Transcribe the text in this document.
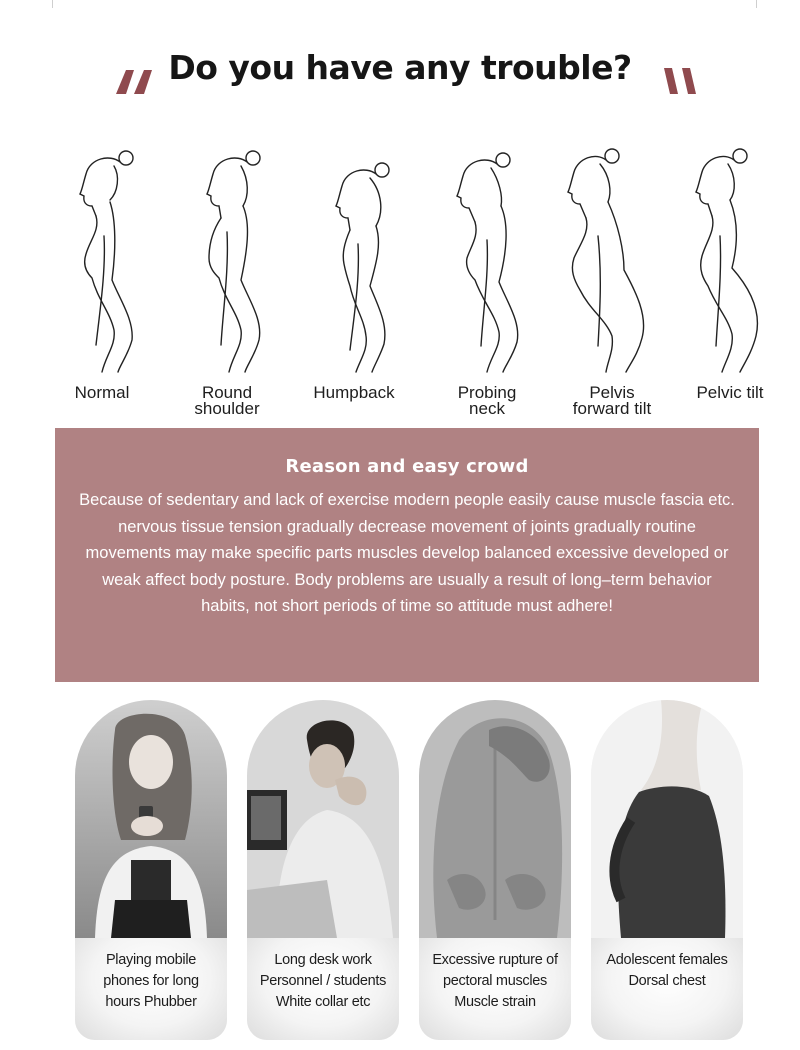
Do you have any trouble?
Normal	Round
shoulder
Humpback	Probing
neck
Pelvis
forward tilt
Pelvic tilt
Reason and easy crowd
Because of sedentary and lack of exercise modern people easily cause muscle fascia etc. nervous tissue tension gradually decrease movement of joints gradually routine movements may make specific parts muscles develop balanced excessive developed or weak affect body posture. Body problems are usually a result of long–term behavior habits, not short periods of time so attitude must adhere!
Playing mobile
phones for long
hours Phubber
Long desk work
Personnel / students
White collar etc
Excessive rupture of
pectoral muscles
Muscle strain
Adolescent females
Dorsal chest
